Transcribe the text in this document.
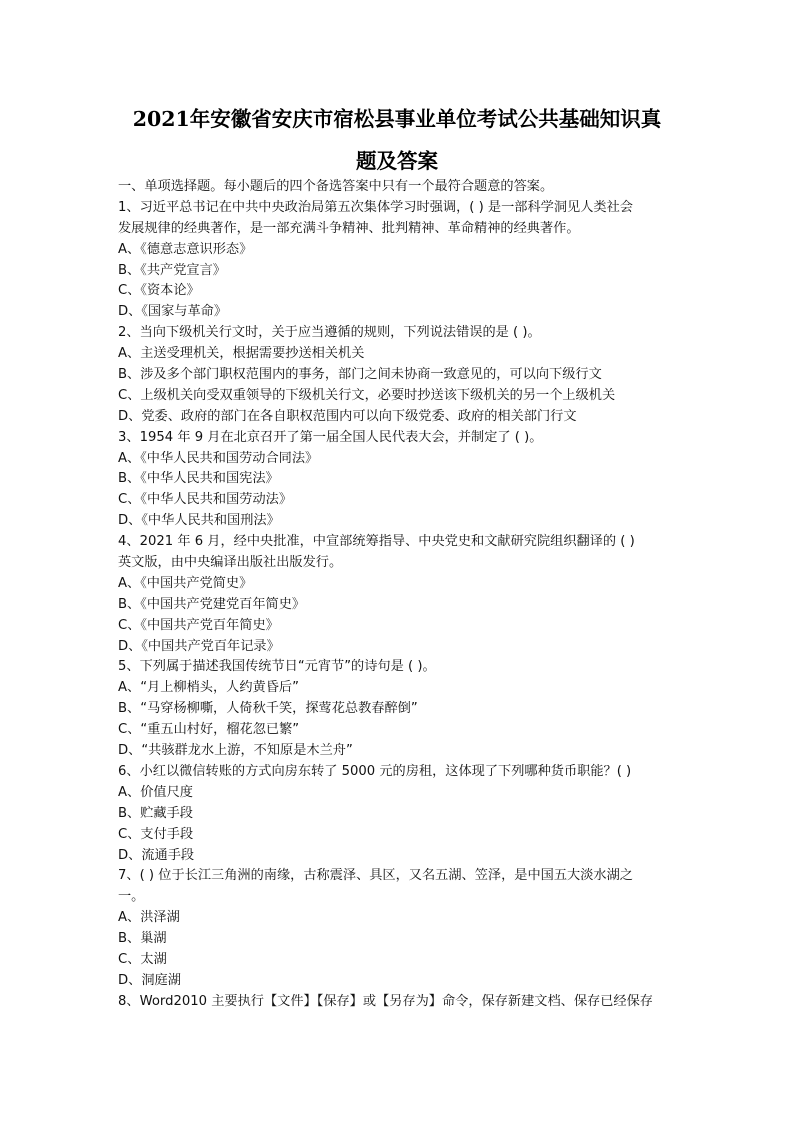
2021年安徽省安庆市宿松县事业单位考试公共基础知识真
题及答案
一、单项选择题。每小题后的四个备选答案中只有一个最符合题意的答案。
1、习近平总书记在中共中央政治局第五次集体学习时强调，( ) 是一部科学洞见人类社会
发展规律的经典著作，是一部充满斗争精神、批判精神、革命精神的经典著作。
A、《德意志意识形态》
B、《共产党宣言》
C、《资本论》
D、《国家与革命》
2、当向下级机关行文时，关于应当遵循的规则，下列说法错误的是 ( )。
A、主送受理机关，根据需要抄送相关机关
B、涉及多个部门职权范围内的事务，部门之间未协商一致意见的，可以向下级行文
C、上级机关向受双重领导的下级机关行文，必要时抄送该下级机关的另一个上级机关
D、党委、政府的部门在各自职权范围内可以向下级党委、政府的相关部门行文
3、1954 年 9 月在北京召开了第一届全国人民代表大会，并制定了 ( )。
A、《中华人民共和国劳动合同法》
B、《中华人民共和国宪法》
C、《中华人民共和国劳动法》
D、《中华人民共和国刑法》
4、2021 年 6 月，经中央批准，中宣部统筹指导、中央党史和文献研究院组织翻译的 ( )
英文版，由中央编译出版社出版发行。
A、《中国共产党简史》
B、《中国共产党建党百年简史》
C、《中国共产党百年简史》
D、《中国共产党百年记录》
5、下列属于描述我国传统节日“元宵节”的诗句是 ( )。
A、“月上柳梢头，人约黄昏后”
B、“马穿杨柳嘶，人倚秋千笑，探莺花总教春醉倒”
C、“重五山村好，榴花忽已繁”
D、“共骇群龙水上游，不知原是木兰舟”
6、小红以微信转账的方式向房东转了 5000 元的房租，这体现了下列哪种货币职能？( )
A、价值尺度
B、贮藏手段
C、支付手段
D、流通手段
7、( ) 位于长江三角洲的南缘，古称震泽、具区，又名五湖、笠泽，是中国五大淡水湖之
一。
A、洪泽湖
B、巢湖
C、太湖
D、洞庭湖
8、Word2010 主要执行【文件】【保存】或【另存为】命令，保存新建文档、保存已经保存
